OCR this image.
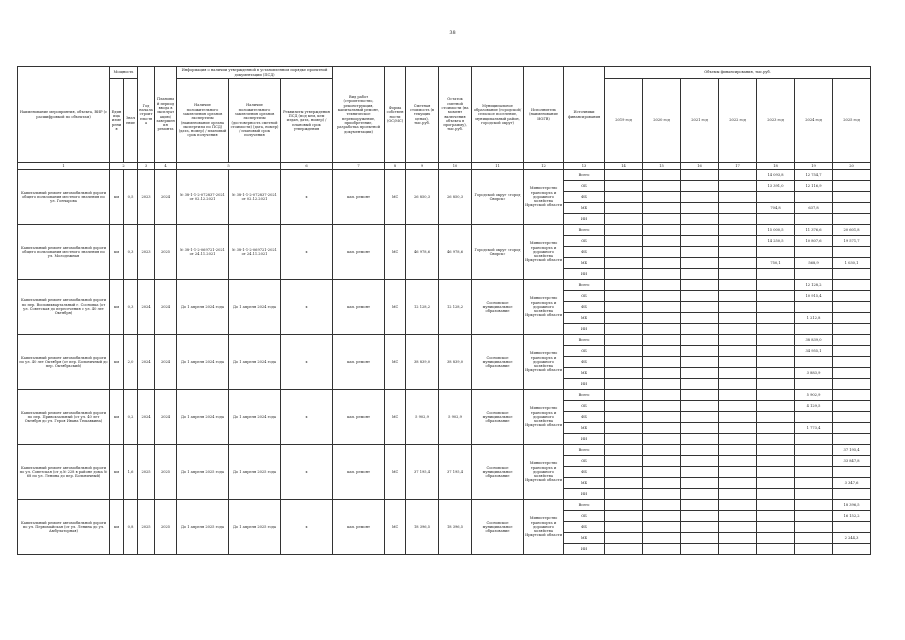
38
Наименование мероприятия, объекта, ВИР (с расшифровкой по объектам)	Мощность		Год начала строительства	Плановый период ввода в эксплуатацию/завершения ремонта	Информация о наличии утвержденной в установленном порядке проектной документации (ПСД)			Вид работ (строительство, реконструкция, капитальный ремонт, техническое перевооружение, приобретение, разработка проектной документации)	Форма собственности (ОС/МС)	Сметная стоимость (в текущих ценах), тыс.руб.	Остаток сметной стоимости (на момент включения объекта в программу), тыс.руб.	Муниципальное образование (городской/сельское поселение, муниципальный район, городской округ)	Исполнитель (наименование ИОГВ)	Источники финансирования	Объемы финансирования, тыс.руб.						
	Единица измерения	Значение			Наличие положительного заключения органов экспертизы (наименование органа экспертизы по ПСД) (дата, номер) / плановый срок получения	Наличие положительного заключения органов экспертизы (достоверность сметной стоимости) (дата, номер) / плановый срок получения	Реквизиты утверждения ПСД (под кем, кем издан, дата, номер) / плановый срок утверждения								2019 год	2020 год	2021 год	2022 год	2023 год	2024 год	2025 год
1	2		3	4	5		6	7	8	9	10	11	12	13	14	15	16	17	18	19	20
Капитальный ремонт автомобильной дороги общего пользования местного значения по ул. Гончарова	км	0,5	2023	2024	№ 38-1-1-2-072837-2021 от 02.12.2021	№ 38-1-1-2-072837-2021 от 02.12.2021	х	кап. ремонт	МС	26 850,3	26 850,3	Городской округ «город Свирск»	Министерство транспорта и дорожного хозяйства Иркутской области	Всего					14 093,8	12 754,7	
														ОБ					13 391,0	12 116,9	
														ФБ							
														МБ					704,8	637,8	
														ИИ							
Капитальный ремонт автомобильной дороги общего пользования местного значения по ул. Молодежная	км	0,3	2023	2025	№ 38-1-1-2-069721-2021 от 24.11.2021	№ 38-1-1-2-069721-2021 от 24.11.2021	х	кап. ремонт	МС	46 978,6	46 978,6	Городской округ «город Свирск»	Министерство транспорта и дорожного хозяйства Иркутской области	Всего					15 000,5	11 376,6	20 601,8
														ОБ					14 250,5	10 807,6	19 571,7
														ФБ							
														МБ					750,1	568,9	1 030,1
														ИИ							
Капитальный ремонт автомобильной дороги по пер. Восьмиквартальный г. Сосновка (от ул. Советская до пересечения с ул. 40 лет Октября)	км	0,3	2024	2024	До 1 апреля 2024 года	До 1 апреля 2024 года	х	кап. ремонт	МС	12 128,2	12 128,2	Сосновское муниципальное образование	Министерство транспорта и дорожного хозяйства Иркутской области	Всего						12 128,2	
														ОБ						10 915,4	
														ФБ							
														МБ						1 212,8	
														ИИ							
Капитальный ремонт автомобильной дороги по ул. 40 лет Октября (от пер. Больничный до пер. Октябрьский)	км	2,0	2024	2024	До 1 апреля 2024 года	До 1 апреля 2024 года	х	кап. ремонт	МС	38 839,0	38 839,0	Сосновское муниципальное образование	Министерство транспорта и дорожного хозяйства Иркутской области	Всего						38 839,0	
														ОБ						34 955,1	
														ФБ							
														МБ						3 883,9	
														ИИ							
Капитальный ремонт автомобильной дороги по пер. Привокзальный (от ул. 40 лет Октября до ул. Героя Ивана Тюкавкина)	км	0,2	2024	2024	До 1 апреля 2024 года	До 1 апреля 2024 года	х	кап. ремонт	МС	5 902,9	5 902,9	Сосновское муниципальное образование	Министерство транспорта и дорожного хозяйства Иркутской области	Всего						5 902,9	
														ОБ						4 129,5	
														ФБ							
														МБ						1 773,4	
														ИИ							
Капитальный ремонт автомобильной дороги по ул. Советская (от д.№ 228 в районе дома № 68 по ул. Ленина до пер. Больничный)	км	1,6	2025	2025	До 1 апреля 2025 года	До 1 апреля 2025 года	х	кап. ремонт	МС	37 195,4	37 195,4	Сосновское муниципальное образование	Министерство транспорта и дорожного хозяйства Иркутской области	Всего							37 195,4
														ОБ							33 847,8
														ФБ							
														МБ							3 347,6
														ИИ							
Капитальный ремонт автомобильной дороги по ул. Первомайская (от ул. Ленина до ул. Амбулаторная)	км	0,8	2025	2025	До 1 апреля 2025 года	До 1 апреля 2025 года	х	кап. ремонт	МС	18 396,5	18 396,5	Сосновское муниципальное образование	Министерство транспорта и дорожного хозяйства Иркутской области	Всего							18 396,5
														ОБ							16 152,2
														ФБ							
														МБ							2 244,3
														ИИ							
